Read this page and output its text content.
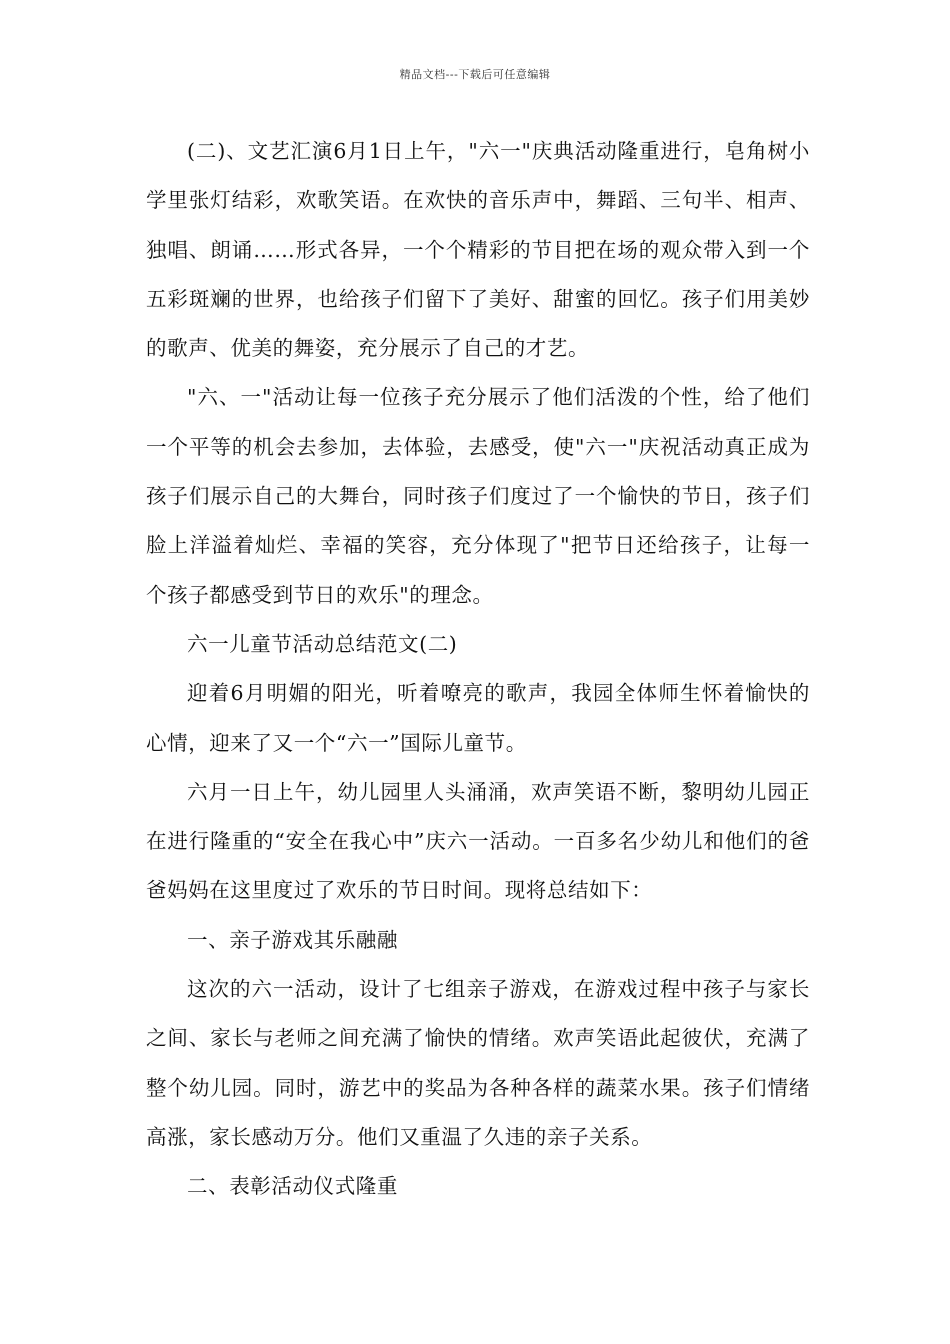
精品文档---下载后可任意编辑

(二)、文艺汇演6月1日上午，"六一"庆典活动隆重进行，皂角树小学里张灯结彩，欢歌笑语。在欢快的音乐声中，舞蹈、三句半、相声、独唱、朗诵……形式各异，一个个精彩的节目把在场的观众带入到一个五彩斑斓的世界，也给孩子们留下了美好、甜蜜的回忆。孩子们用美妙的歌声、优美的舞姿，充分展示了自己的才艺。

"六、一"活动让每一位孩子充分展示了他们活泼的个性，给了他们一个平等的机会去参加，去体验，去感受，使"六一"庆祝活动真正成为孩子们展示自己的大舞台，同时孩子们度过了一个愉快的节日，孩子们脸上洋溢着灿烂、幸福的笑容，充分体现了"把节日还给孩子，让每一个孩子都感受到节日的欢乐"的理念。

六一儿童节活动总结范文(二)

迎着6月明媚的阳光，听着嘹亮的歌声，我园全体师生怀着愉快的心情，迎来了又一个“六一”国际儿童节。

六月一日上午，幼儿园里人头涌涌，欢声笑语不断，黎明幼儿园正在进行隆重的“安全在我心中”庆六一活动。一百多名少幼儿和他们的爸爸妈妈在这里度过了欢乐的节日时间。现将总结如下：

一、亲子游戏其乐融融

这次的六一活动，设计了七组亲子游戏，在游戏过程中孩子与家长之间、家长与老师之间充满了愉快的情绪。欢声笑语此起彼伏，充满了整个幼儿园。同时，游艺中的奖品为各种各样的蔬菜水果。孩子们情绪高涨，家长感动万分。他们又重温了久违的亲子关系。

二、表彰活动仪式隆重
